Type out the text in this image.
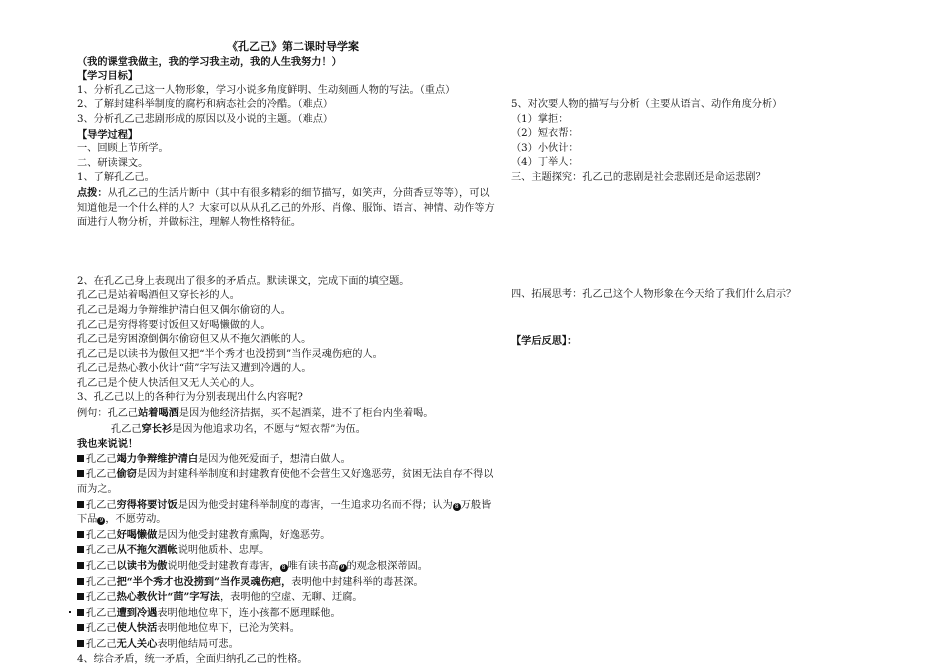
《孔乙己》第二课时导学案
（我的课堂我做主，我的学习我主动，我的人生我努力！）
【学习目标】
1、分析孔乙己这一人物形象，学习小说多角度鲜明、生动刻画人物的写法。（重点）
2、了解封建科举制度的腐朽和病态社会的冷酷。（难点）
3、分析孔乙己悲剧形成的原因以及小说的主题。（难点）
【导学过程】
一、回顾上节所学。
二、研读课文。
1、了解孔乙己。
点拨：从孔乙己的生活片断中（其中有很多精彩的细节描写，如笑声，分茴香豆等等），可以知道他是一个什么样的人？大家可以从从孔乙己的外形、肖像、服饰、语言、神情、动作等方面进行人物分析，并做标注，理解人物性格特征。
2、在孔乙己身上表现出了很多的矛盾点。默读课文，完成下面的填空题。
孔乙己是站着喝酒但又穿长衫的人。
孔乙己是竭力争辩维护清白但又偶尔偷窃的人。
孔乙己是穷得将要讨饭但又好喝懒做的人。
孔乙己是穷困潦倒偶尔偷窃但又从不拖欠酒帐的人。
孔乙己是以读书为傲但又把“半个秀才也没捞到”当作灵魂伤疤的人。
孔乙己是热心教小伙计“茴”字写法又遭到冷遇的人。
孔乙己是个使人快活但又无人关心的人。
3、孔乙己以上的各种行为分别表现出什么内容呢?
例句：孔乙己站着喝酒是因为他经济拮据，买不起酒菜，进不了柜台内坐着喝。
孔乙己穿长衫是因为他追求功名，不愿与“短衣帮”为伍。
我也来说说！
孔乙己竭力争辩维护清白是因为他死爱面子，想清白做人。
孔乙己偷窃是因为封建科举制度和封建教育使他不会营生又好逸恶劳，贫困无法自存不得以而为之。
孔乙己穷得将要讨饭是因为他受封建科举制度的毒害，一生追求功名而不得；认为 8 万般皆下品 9 ，不愿劳动。
孔乙己好喝懒做是因为他受封建教育熏陶，好逸恶劳。
孔乙己从不拖欠酒帐说明他质朴、忠厚。
孔乙己以读书为傲说明他受封建教育毒害， 8 唯有读书高 9 的观念根深蒂固。
孔乙己把“半个秀才也没捞到”当作灵魂伤疤，表明他中封建科举的毒甚深。
孔乙己热心教伙计“茴”字写法，表明他的空虚、无聊、迂腐。
孔乙己遭到冷遇表明他地位卑下，连小孩都不愿理睬他。
孔乙己使人快活表明他地位卑下，已沦为笑料。
孔乙己无人关心表明他结局可悲。
4、综合矛盾，统一矛盾，全面归纳孔乙己的性格。
5、对次要人物的描写与分析（主要从语言、动作角度分析）
（1）掌拒：
（2）短衣帮：
（3）小伙计：
（4）丁举人：
三、主题探究：孔乙己的悲剧是社会悲剧还是命运悲剧？
四、拓展思考：孔乙己这个人物形象在今天给了我们什么启示？
【学后反思】：
